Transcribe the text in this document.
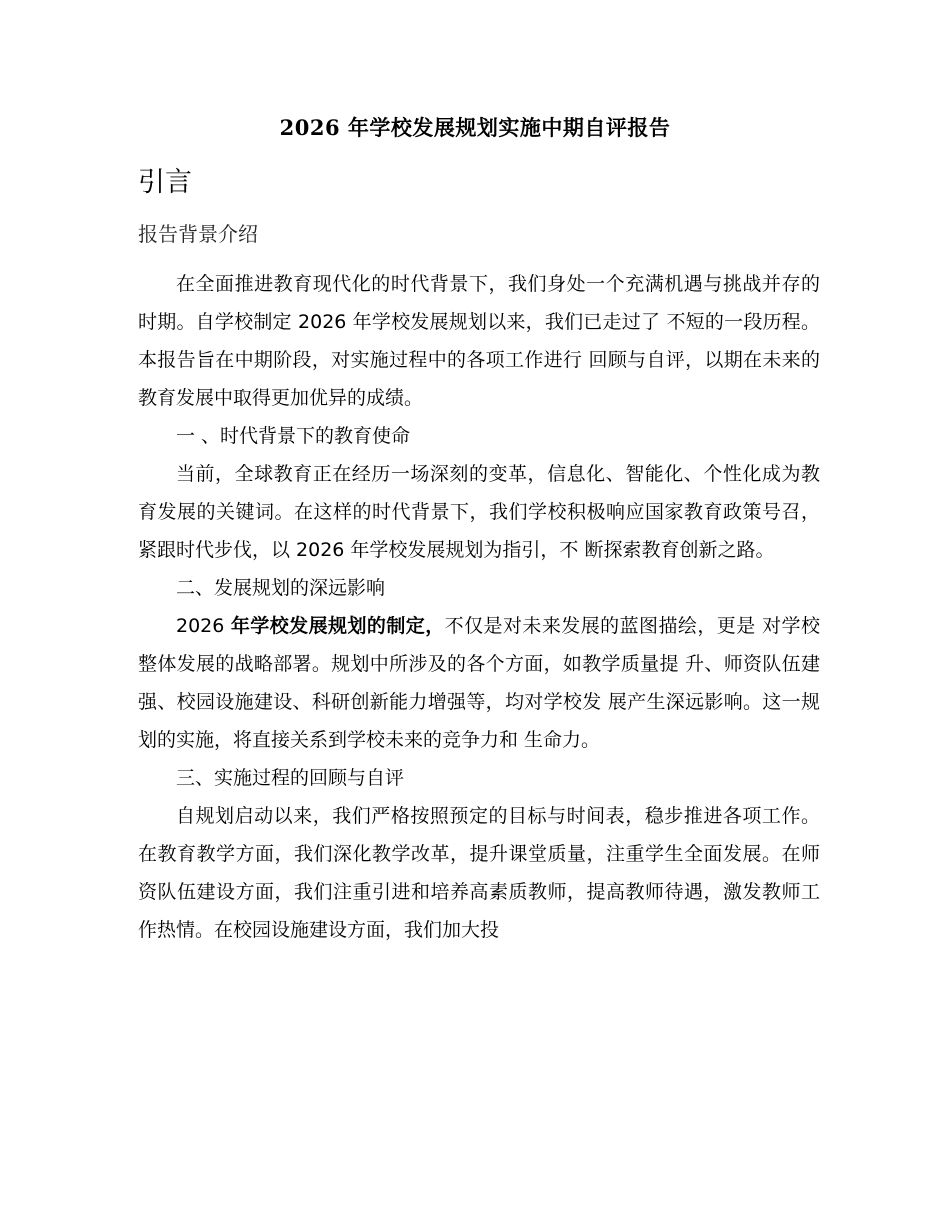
2026 年学校发展规划实施中期自评报告
引言
报告背景介绍

在全面推进教育现代化的时代背景下，我们身处一个充满机遇与挑战并存的时期。自学校制定 2026 年学校发展规划以来，我们已走过了 不短的一段历程。本报告旨在中期阶段，对实施过程中的各项工作进行 回顾与自评，以期在未来的教育发展中取得更加优异的成绩。

一 、时代背景下的教育使命

当前，全球教育正在经历一场深刻的变革，信息化、智能化、个性化成为教育发展的关键词。在这样的时代背景下，我们学校积极响应国家教育政策号召，紧跟时代步伐，以 2026 年学校发展规划为指引，不 断探索教育创新之路。

二、发展规划的深远影响

2026 年学校发展规划的制定，不仅是对未来发展的蓝图描绘，更是 对学校整体发展的战略部署。规划中所涉及的各个方面，如教学质量提 升、师资队伍建强、校园设施建设、科研创新能力增强等，均对学校发 展产生深远影响。这一规划的实施，将直接关系到学校未来的竞争力和 生命力。

三、实施过程的回顾与自评

自规划启动以来，我们严格按照预定的目标与时间表，稳步推进各项工作。在教育教学方面，我们深化教学改革，提升课堂质量，注重学生全面发展。在师资队伍建设方面，我们注重引进和培养高素质教师，提高教师待遇，激发教师工作热情。在校园设施建设方面，我们加大投
